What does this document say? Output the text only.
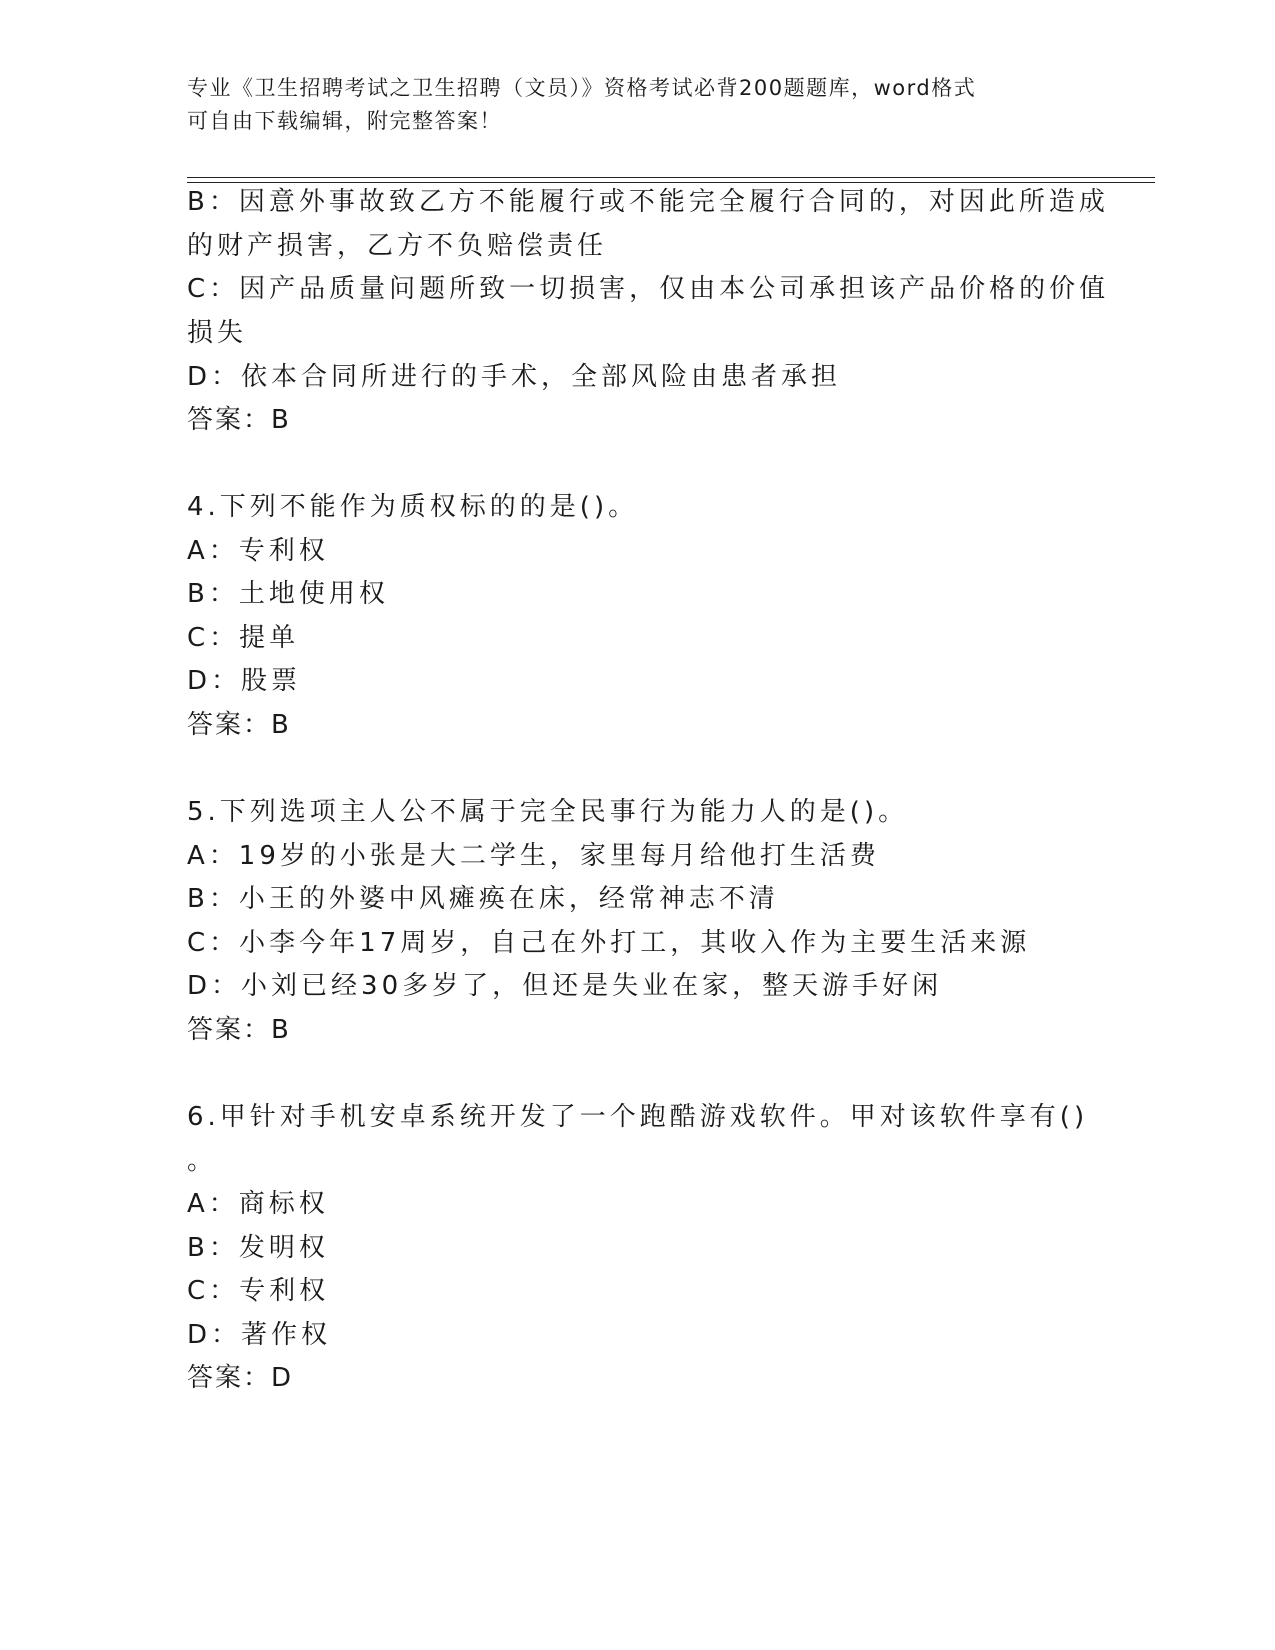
专业《卫生招聘考试之卫生招聘（文员）》资格考试必背200题题库，word格式
可自由下载编辑，附完整答案！
B：因意外事故致乙方不能履行或不能完全履行合同的，对因此所造成
的财产损害，乙方不负赔偿责任
C：因产品质量问题所致一切损害，仅由本公司承担该产品价格的价值
损失
D：依本合同所进行的手术，全部风险由患者承担
答案：B
4.下列不能作为质权标的的是()。
A：专利权
B：土地使用权
C：提单
D：股票
答案：B
5.下列选项主人公不属于完全民事行为能力人的是()。
A：19岁的小张是大二学生，家里每月给他打生活费
B：小王的外婆中风瘫痪在床，经常神志不清
C：小李今年17周岁，自己在外打工，其收入作为主要生活来源
D：小刘已经30多岁了，但还是失业在家，整天游手好闲
答案：B
6.甲针对手机安卓系统开发了一个跑酷游戏软件。甲对该软件享有()
。
A：商标权
B：发明权
C：专利权
D：著作权
答案：D
